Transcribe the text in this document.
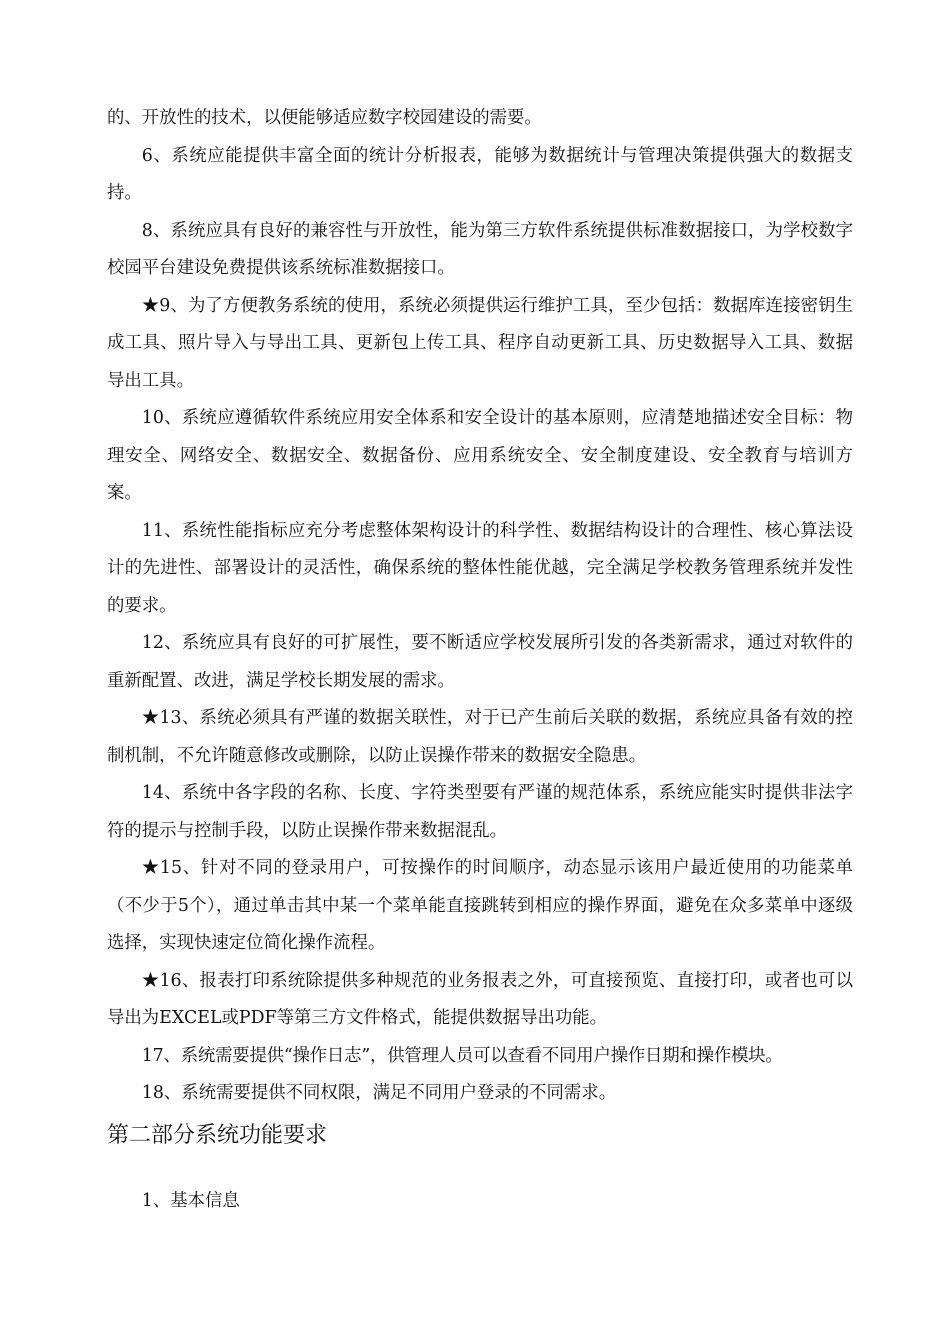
的、开放性的技术，以便能够适应数字校园建设的需要。

6、系统应能提供丰富全面的统计分析报表，能够为数据统计与管理决策提供强大的数据支持。

8、系统应具有良好的兼容性与开放性，能为第三方软件系统提供标准数据接口，为学校数字校园平台建设免费提供该系统标准数据接口。

★9、为了方便教务系统的使用，系统必须提供运行维护工具，至少包括：数据库连接密钥生成工具、照片导入与导出工具、更新包上传工具、程序自动更新工具、历史数据导入工具、数据导出工具。

10、系统应遵循软件系统应用安全体系和安全设计的基本原则，应清楚地描述安全目标：物理安全、网络安全、数据安全、数据备份、应用系统安全、安全制度建设、安全教育与培训方案。

11、系统性能指标应充分考虑整体架构设计的科学性、数据结构设计的合理性、核心算法设计的先进性、部署设计的灵活性，确保系统的整体性能优越，完全满足学校教务管理系统并发性的要求。

12、系统应具有良好的可扩展性，要不断适应学校发展所引发的各类新需求，通过对软件的重新配置、改进，满足学校长期发展的需求。

★13、系统必须具有严谨的数据关联性，对于已产生前后关联的数据，系统应具备有效的控制机制，不允许随意修改或删除，以防止误操作带来的数据安全隐患。

14、系统中各字段的名称、长度、字符类型要有严谨的规范体系，系统应能实时提供非法字符的提示与控制手段，以防止误操作带来数据混乱。

★15、针对不同的登录用户，可按操作的时间顺序，动态显示该用户最近使用的功能菜单（不少于5个），通过单击其中某一个菜单能直接跳转到相应的操作界面，避免在众多菜单中逐级选择，实现快速定位简化操作流程。

★16、报表打印系统除提供多种规范的业务报表之外，可直接预览、直接打印，或者也可以导出为EXCEL或PDF等第三方文件格式，能提供数据导出功能。

17、系统需要提供“操作日志”，供管理人员可以查看不同用户操作日期和操作模块。

18、系统需要提供不同权限，满足不同用户登录的不同需求。

第二部分系统功能要求

1、基本信息
